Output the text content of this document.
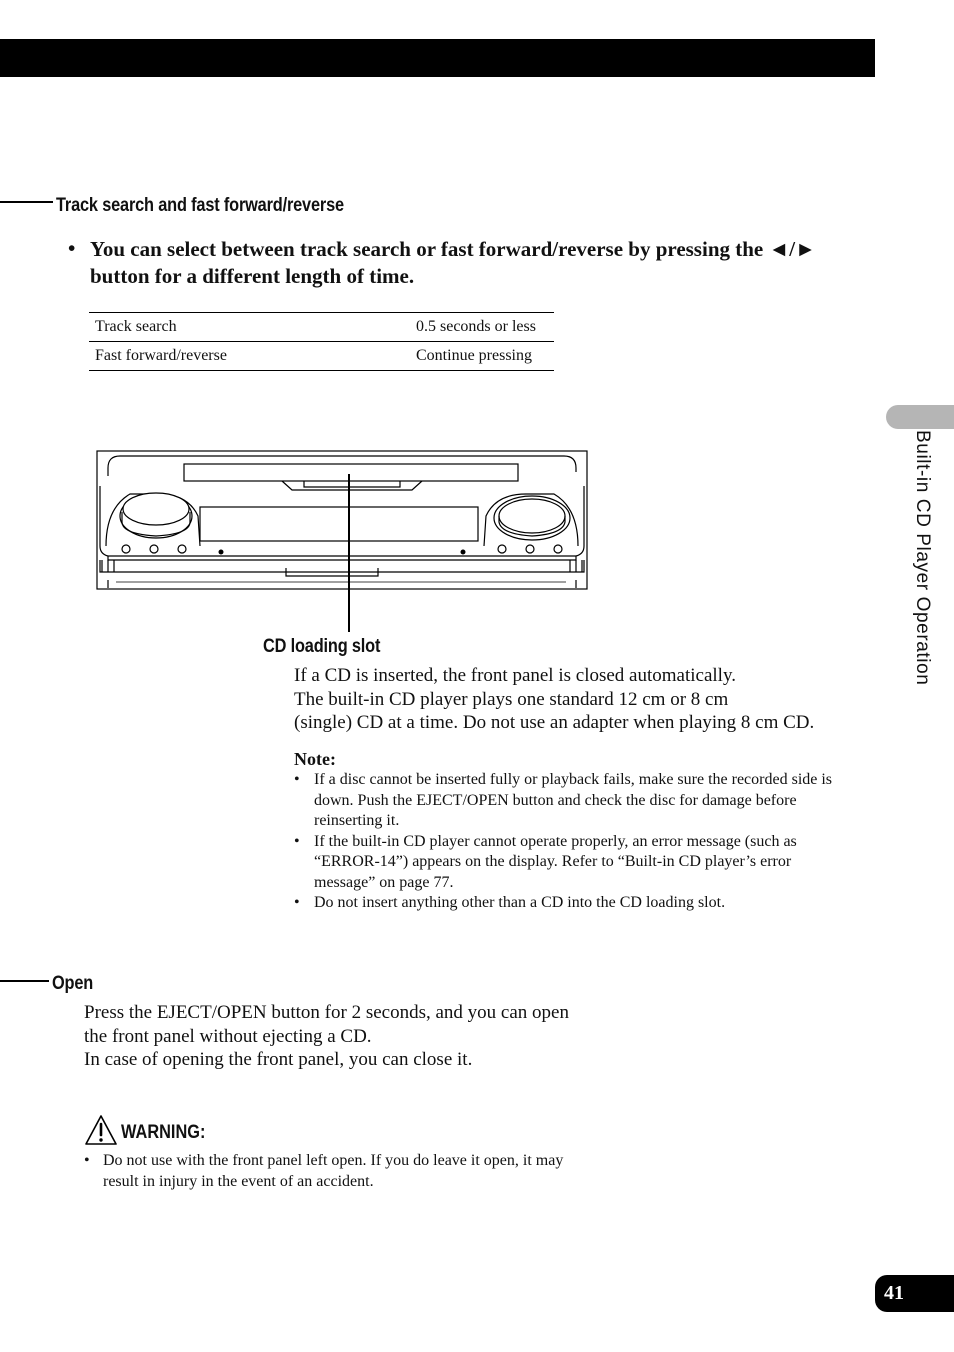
Track search and fast forward/reverse
• You can select between track search or fast forward/reverse by pressing the ◄/► button for a different length of time.
Track search	0.5 seconds or less
Fast forward/reverse	Continue pressing
CD loading slot
If a CD is inserted, the front panel is closed automatically.
The built-in CD player plays one standard 12 cm or 8 cm
(single) CD at a time. Do not use an adapter when playing 8 cm CD.
Note:
• If a disc cannot be inserted fully or playback fails, make sure the recorded side is down. Push the EJECT/OPEN button and check the disc for damage before reinserting it.
• If the built-in CD player cannot operate properly, an error message (such as “ERROR-14”) appears on the display. Refer to “Built-in CD player’s error message” on page 77.
• Do not insert anything other than a CD into the CD loading slot.
Open
Press the EJECT/OPEN button for 2 seconds, and you can open
the front panel without ejecting a CD.
In case of opening the front panel, you can close it.
WARNING:
• Do not use with the front panel left open. If you do leave it open, it may result in injury in the event of an accident.
Built-in CD Player Operation
41
